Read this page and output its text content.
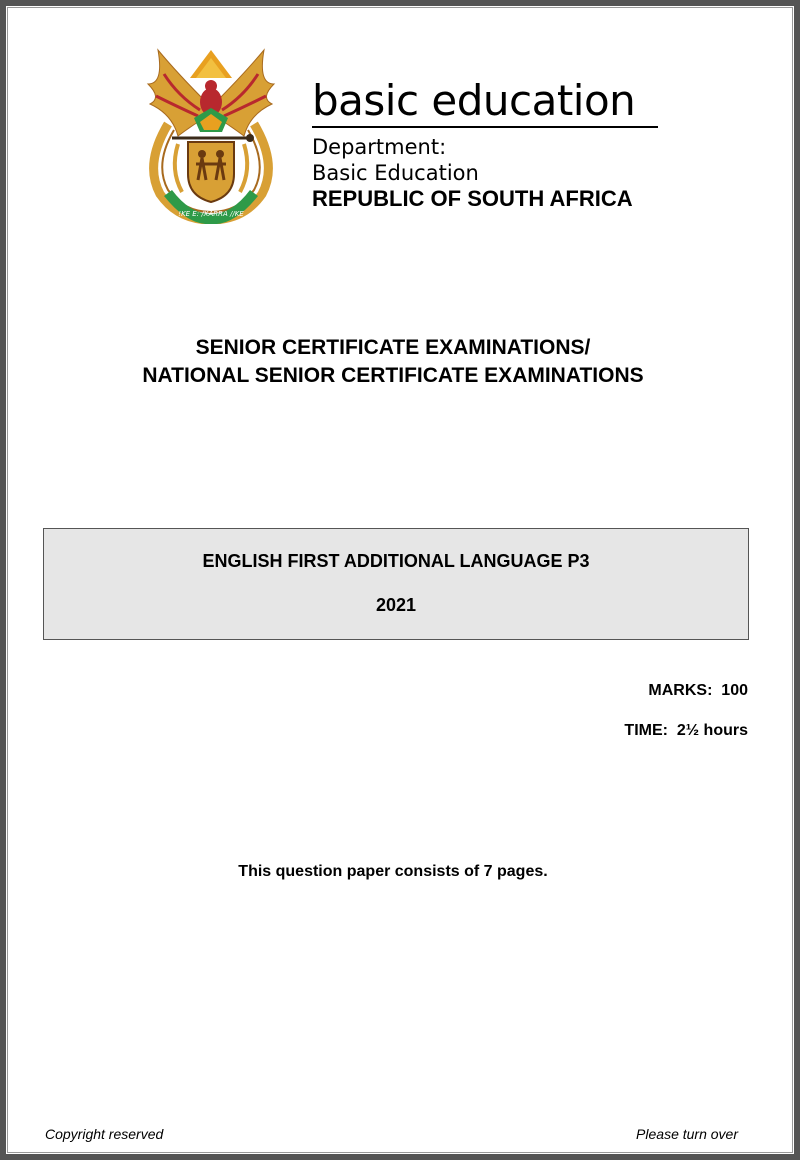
!KE E: /XARRA //KE
basic education
Department:
Basic Education
REPUBLIC OF SOUTH AFRICA
SENIOR CERTIFICATE EXAMINATIONS/
NATIONAL SENIOR CERTIFICATE EXAMINATIONS
ENGLISH FIRST ADDITIONAL LANGUAGE P3
2021
MARKS:  100
TIME:  2½ hours
This question paper consists of 7 pages.
Copyright reserved	Please turn over
